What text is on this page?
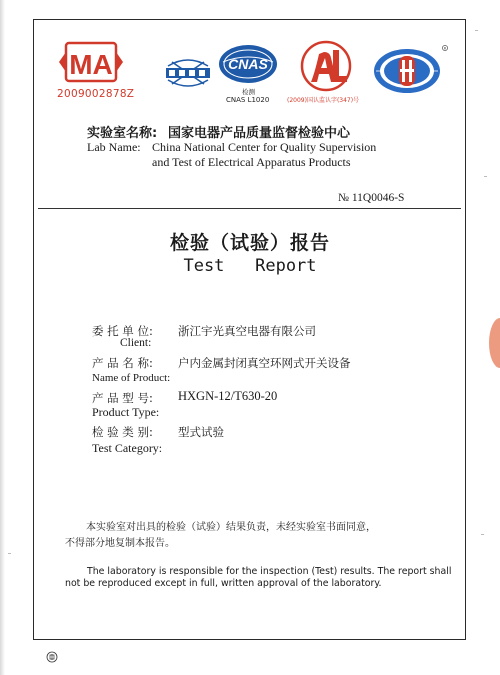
MA
2009002878Z
CNAS
检测
CNAS L1020
AL
(2009)国认监认字(347)号
R
实验室名称: 国家电器产品质量监督检验中心
Lab Name: China National Center for Quality Supervision
and Test of Electrical Apparatus Products
№ 11Q0046-S
检验（试验）报告
Test   Report
委 托 单 位: 浙江宇光真空电器有限公司
Client:
产 品 名 称: 户内金属封闭真空环网式开关设备
Name of Product:
产 品 型 号: HXGN-12/T630-20
Product Type:
检 验 类 别: 型式试验
Test Category:
本实验室对出具的检验（试验）结果负责，未经实验室书面同意，
不得部分地复制本报告。
The laboratory is responsible for the inspection (Test) results. The report shall
not be reproduced except in full, written approval of the laboratory.
